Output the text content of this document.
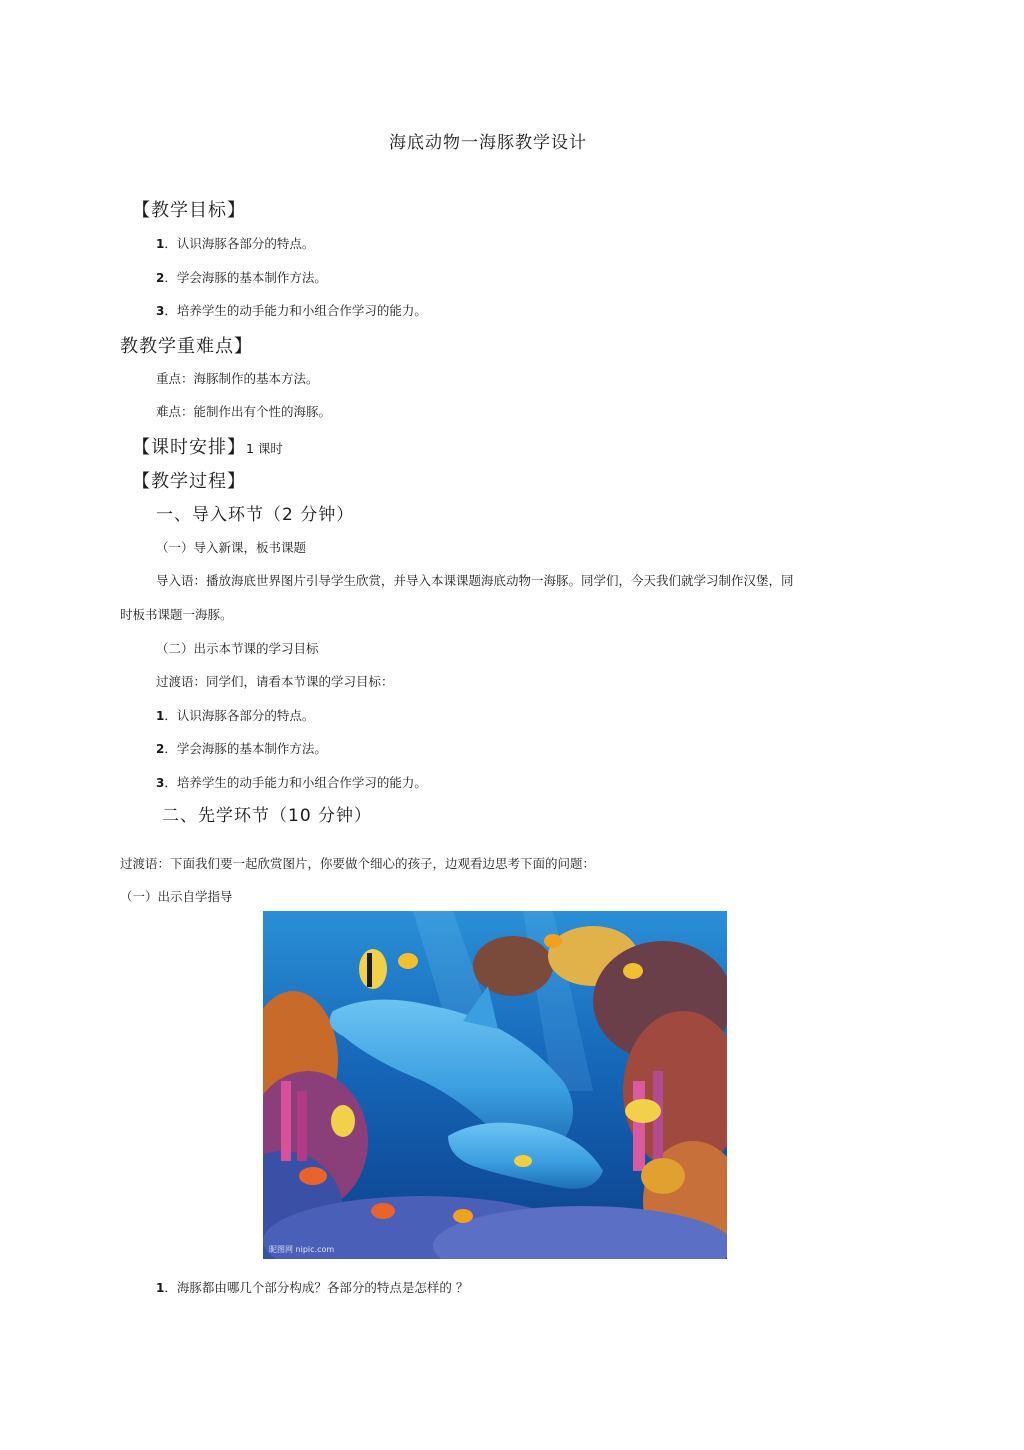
海底动物一海豚教学设计
【教学目标】
1．认识海豚各部分的特点。
2．学会海豚的基本制作方法。
3．培养学生的动手能力和小组合作学习的能力。
教教学重难点】
重点：海豚制作的基本方法。
难点：能制作出有个性的海豚。
【课时安排】1 课时
【教学过程】
一、导入环节（2 分钟）
（一）导入新课，板书课题
导入语：播放海底世界图片引导学生欣赏，并导入本课课题海底动物一海豚。同学们，今天我们就学习制作汉堡，同
时板书课题一海豚。
（二）出示本节课的学习目标
过渡语：同学们，请看本节课的学习目标：
1．认识海豚各部分的特点。
2．学会海豚的基本制作方法。
3．培养学生的动手能力和小组合作学习的能力。
二、先学环节（10 分钟）
过渡语：下面我们要一起欣赏图片，你要做个细心的孩子，边观看边思考下面的问题：
（一）出示自学指导
昵图网 nipic.com
1．海豚都由哪几个部分构成？各部分的特点是怎样的 ？
